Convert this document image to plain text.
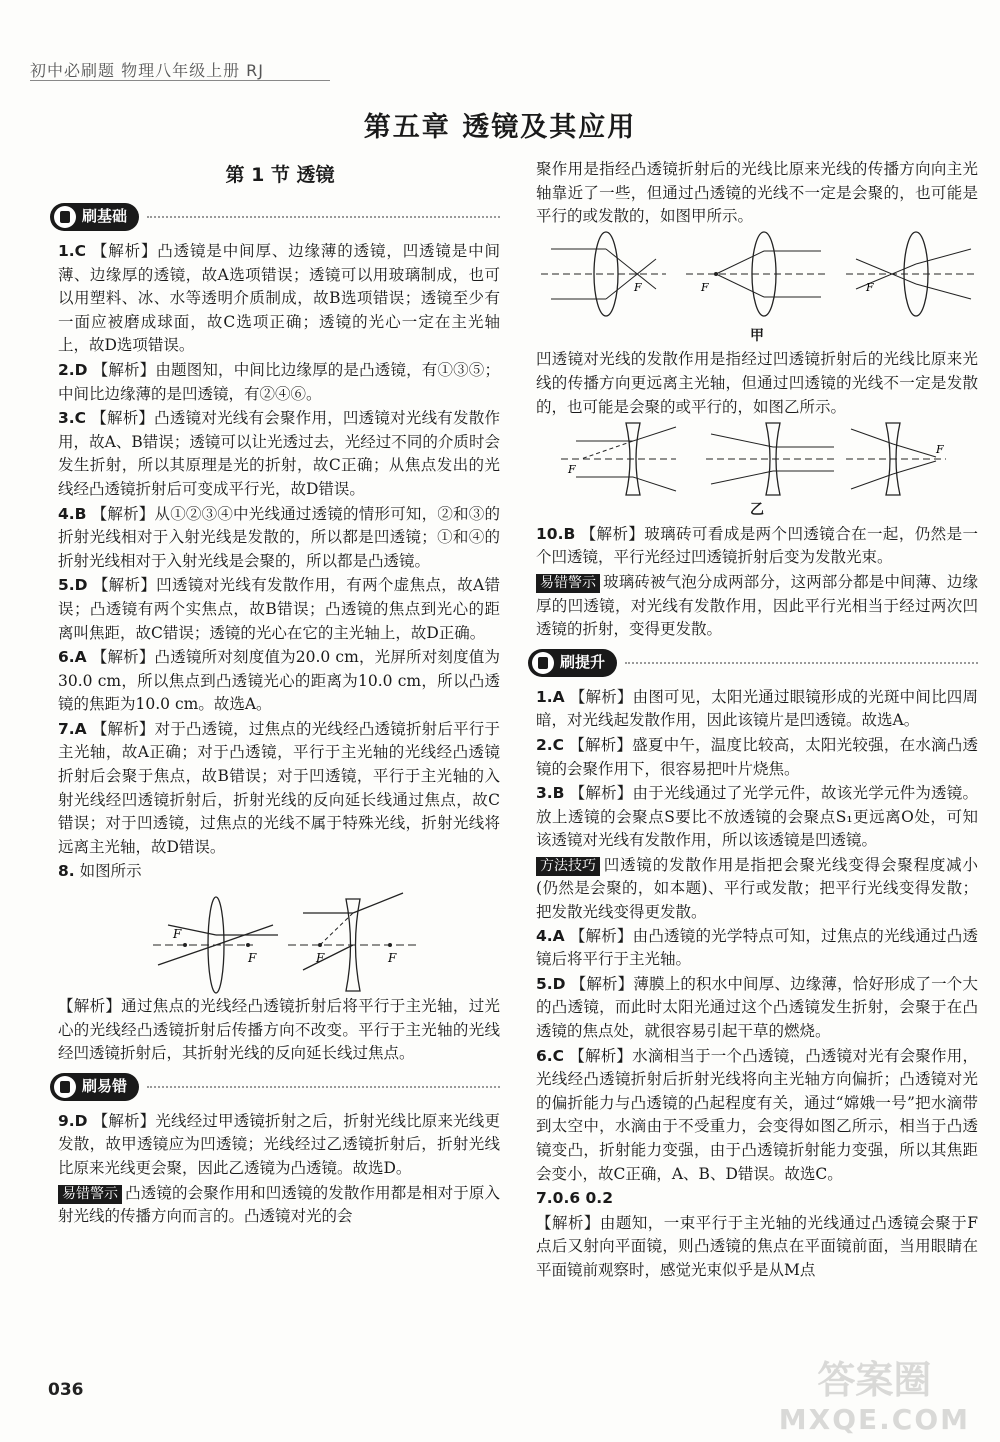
初中必刷题 物理八年级上册 RJ
第五章 透镜及其应用
第 1 节 透镜
刷基础
1.C 【解析】凸透镜是中间厚、边缘薄的透镜，凹透镜是中间薄、边缘厚的透镜，故A选项错误；透镜可以用玻璃制成，也可以用塑料、冰、水等透明介质制成，故B选项错误；透镜至少有一面应被磨成球面，故C选项正确；透镜的光心一定在主光轴上，故D选项错误。
2.D 【解析】由题图知，中间比边缘厚的是凸透镜，有①③⑤；中间比边缘薄的是凹透镜，有②④⑥。
3.C 【解析】凸透镜对光线有会聚作用，凹透镜对光线有发散作用，故A、B错误；透镜可以让光透过去，光经过不同的介质时会发生折射，所以其原理是光的折射，故C正确；从焦点发出的光线经凸透镜折射后可变成平行光，故D错误。
4.B 【解析】从①②③④中光线通过透镜的情形可知，②和③的折射光线相对于入射光线是发散的，所以都是凹透镜；①和④的折射光线相对于入射光线是会聚的，所以都是凸透镜。
5.D 【解析】凹透镜对光线有发散作用，有两个虚焦点，故A错误；凸透镜有两个实焦点，故B错误；凸透镜的焦点到光心的距离叫焦距，故C错误；透镜的光心在它的主光轴上，故D正确。
6.A 【解析】凸透镜所对刻度值为20.0 cm，光屏所对刻度值为30.0 cm，所以焦点到凸透镜光心的距离为10.0 cm，所以凸透镜的焦距为10.0 cm。故选A。
7.A 【解析】对于凸透镜，过焦点的光线经凸透镜折射后平行于主光轴，故A正确；对于凸透镜，平行于主光轴的光线经凸透镜折射后会聚于焦点，故B错误；对于凹透镜，平行于主光轴的入射光线经凹透镜折射后，折射光线的反向延长线通过焦点，故C错误；对于凹透镜，过焦点的光线不属于特殊光线，折射光线将远离主光轴，故D错误。
8. 如图所示
F
F	F	F
【解析】通过焦点的光线经凸透镜折射后将平行于主光轴，过光心的光线经凸透镜折射后传播方向不改变。平行于主光轴的光线经凹透镜折射后，其折射光线的反向延长线过焦点。
刷易错
9.D 【解析】光线经过甲透镜折射之后，折射光线比原来光线更发散，故甲透镜应为凹透镜；光线经过乙透镜折射后，折射光线比原来光线更会聚，因此乙透镜为凸透镜。故选D。
易错警示 凸透镜的会聚作用和凹透镜的发散作用都是相对于原入射光线的传播方向而言的。凸透镜对光的会
聚作用是指经凸透镜折射后的光线比原来光线的传播方向向主光轴靠近了一些，但通过凸透镜的光线不一定是会聚的，也可能是平行的或发散的，如图甲所示。
F	F	F
甲
凹透镜对光线的发散作用是指经过凹透镜折射后的光线比原来光线的传播方向更远离主光轴，但通过凹透镜的光线不一定是发散的，也可能是会聚的或平行的，如图乙所示。
F
F
乙
10.B 【解析】玻璃砖可看成是两个凹透镜合在一起，仍然是一个凹透镜，平行光经过凹透镜折射后变为发散光束。
易错警示 玻璃砖被气泡分成两部分，这两部分都是中间薄、边缘厚的凹透镜，对光线有发散作用，因此平行光相当于经过两次凹透镜的折射，变得更发散。
刷提升
1.A 【解析】由图可见，太阳光通过眼镜形成的光斑中间比四周暗，对光线起发散作用，因此该镜片是凹透镜。故选A。
2.C 【解析】盛夏中午，温度比较高，太阳光较强，在水滴凸透镜的会聚作用下，很容易把叶片烧焦。
3.B 【解析】由于光线通过了光学元件，故该光学元件为透镜。放上透镜的会聚点S要比不放透镜的会聚点S₁更远离O处，可知该透镜对光线有发散作用，所以该透镜是凹透镜。
方法技巧 凹透镜的发散作用是指把会聚光线变得会聚程度减小(仍然是会聚的，如本题)、平行或发散；把平行光线变得发散；把发散光线变得更发散。
4.A 【解析】由凸透镜的光学特点可知，过焦点的光线通过凸透镜后将平行于主光轴。
5.D 【解析】薄膜上的积水中间厚、边缘薄，恰好形成了一个大的凸透镜，而此时太阳光通过这个凸透镜发生折射，会聚于在凸透镜的焦点处，就很容易引起干草的燃烧。
6.C 【解析】水滴相当于一个凸透镜，凸透镜对光有会聚作用，光线经凸透镜折射后折射光线将向主光轴方向偏折；凸透镜对光的偏折能力与凸透镜的凸起程度有关，通过“嫦娥一号”把水滴带到太空中，水滴由于不受重力，会变得如图乙所示，相当于凸透镜变凸，折射能力变强，由于凸透镜折射能力变强，所以其焦距会变小，故C正确，A、B、D错误。故选C。
7.0.6 0.2
【解析】由题知，一束平行于主光轴的光线通过凸透镜会聚于F点后又射向平面镜，则凸透镜的焦点在平面镜前面，当用眼睛在平面镜前观察时，感觉光束似乎是从M点
036	答案圈
MXQE.COM
